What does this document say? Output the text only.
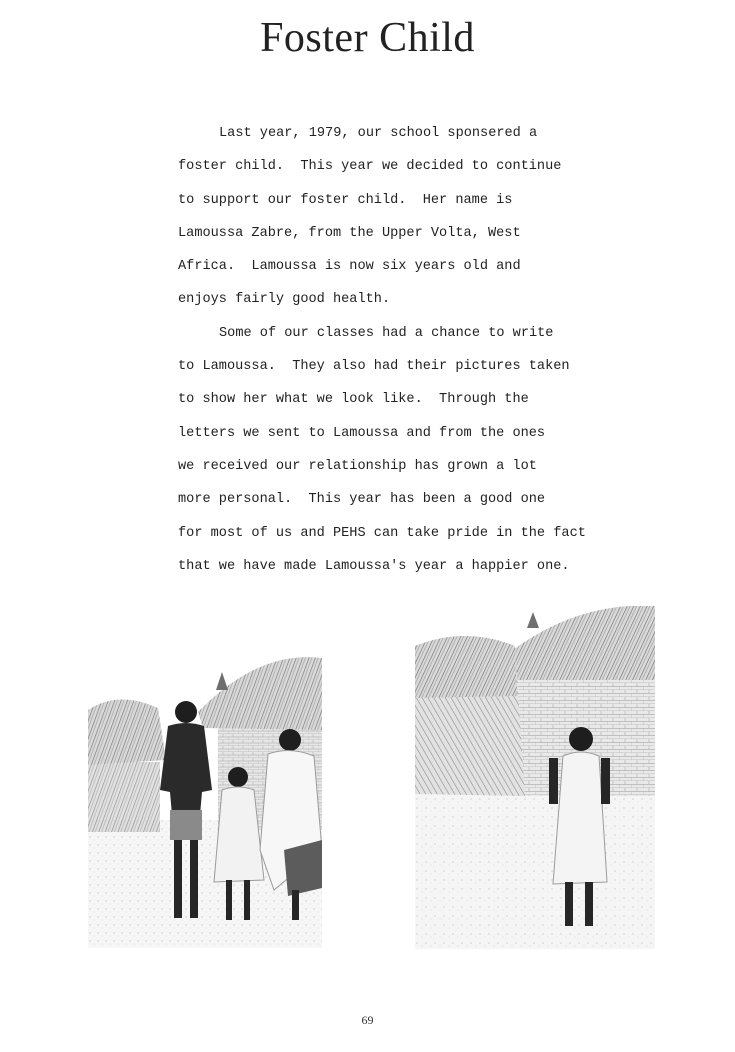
Foster Child
Last year, 1979, our school sponsered a
foster child.  This year we decided to continue
to support our foster child.  Her name is
Lamoussa Zabre, from the Upper Volta, West
Africa.  Lamoussa is now six years old and
enjoys fairly good health.
Some of our classes had a chance to write
to Lamoussa.  They also had their pictures taken
to show her what we look like.  Through the
letters we sent to Lamoussa and from the ones
we received our relationship has grown a lot
more personal.  This year has been a good one
for most of us and PEHS can take pride in the fact
that we have made Lamoussa's year a happier one.
69
